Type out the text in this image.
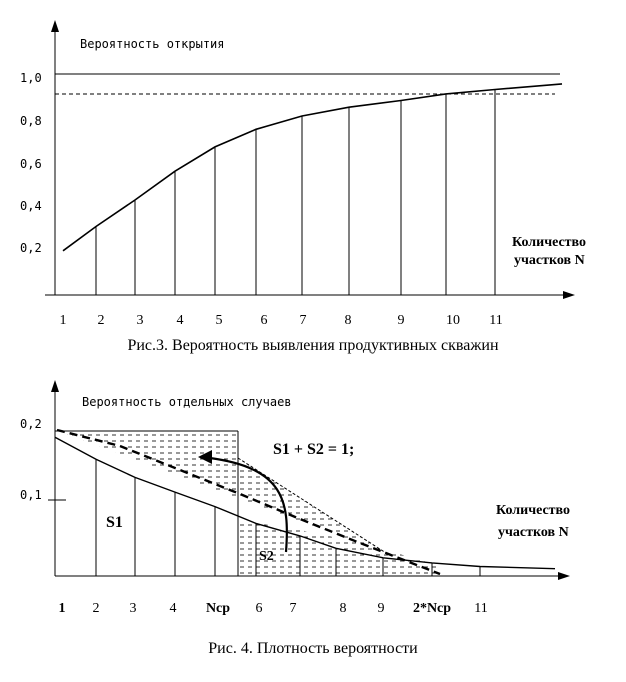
Вероятность открытия
1,0
0,8
0,6
0,4
0,2
1 2 3 4 5	6 7	8	9	10 11
Количество
участков N
Рис.3. Вероятность выявления продуктивных скважин
Вероятность отдельных случаев
0,2
0,1
S1 + S2 = 1;
S1
S2
1 2 3 4 Ncp 6 7	8 9 2*Ncp 11
Количество
участков N
Рис. 4. Плотность вероятности
